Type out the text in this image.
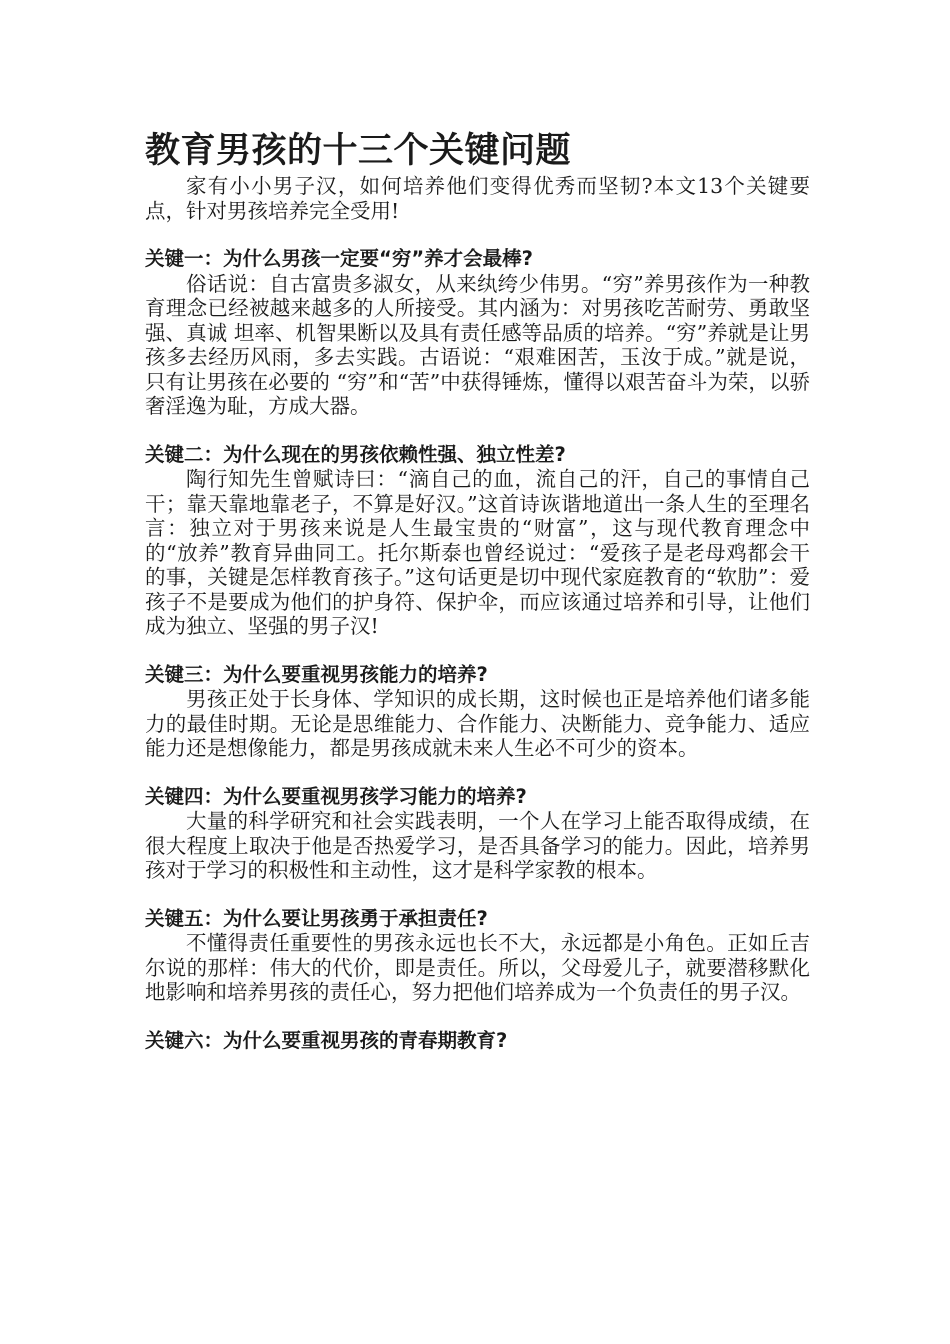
教育男孩的十三个关键问题

家有小小男子汉，如何培养他们变得优秀而坚韧?本文13个关键要点，针对男孩培养完全受用!

关键一：为什么男孩一定要“穷”养才会最棒?

俗话说：自古富贵多淑女，从来纨绔少伟男。“穷”养男孩作为一种教育理念已经被越来越多的人所接受。其内涵为：对男孩吃苦耐劳、勇敢坚强、真诚 坦率、机智果断以及具有责任感等品质的培养。“穷”养就是让男孩多去经历风雨，多去实践。古语说：“艰难困苦，玉汝于成。”就是说，只有让男孩在必要的 “穷”和“苦”中获得锤炼，懂得以艰苦奋斗为荣，以骄奢淫逸为耻，方成大器。

关键二：为什么现在的男孩依赖性强、独立性差?

陶行知先生曾赋诗曰：“滴自己的血，流自己的汗，自己的事情自己干；靠天靠地靠老子，不算是好汉。”这首诗诙谐地道出一条人生的至理名言：独立对于男孩来说是人生最宝贵的“财富”，这与现代教育理念中的“放养”教育异曲同工。托尔斯泰也曾经说过：“爱孩子是老母鸡都会干的事，关键是怎样教育孩子。”这句话更是切中现代家庭教育的“软肋”：爱孩子不是要成为他们的护身符、保护伞，而应该通过培养和引导，让他们成为独立、坚强的男子汉!

关键三：为什么要重视男孩能力的培养?

男孩正处于长身体、学知识的成长期，这时候也正是培养他们诸多能力的最佳时期。无论是思维能力、合作能力、决断能力、竞争能力、适应能力还是想像能力，都是男孩成就未来人生必不可少的资本。

关键四：为什么要重视男孩学习能力的培养?

大量的科学研究和社会实践表明，一个人在学习上能否取得成绩，在很大程度上取决于他是否热爱学习，是否具备学习的能力。因此，培养男孩对于学习的积极性和主动性，这才是科学家教的根本。

关键五：为什么要让男孩勇于承担责任?

不懂得责任重要性的男孩永远也长不大，永远都是小角色。正如丘吉尔说的那样：伟大的代价，即是责任。所以，父母爱儿子，就要潜移默化地影响和培养男孩的责任心，努力把他们培养成为一个负责任的男子汉。

关键六：为什么要重视男孩的青春期教育?
